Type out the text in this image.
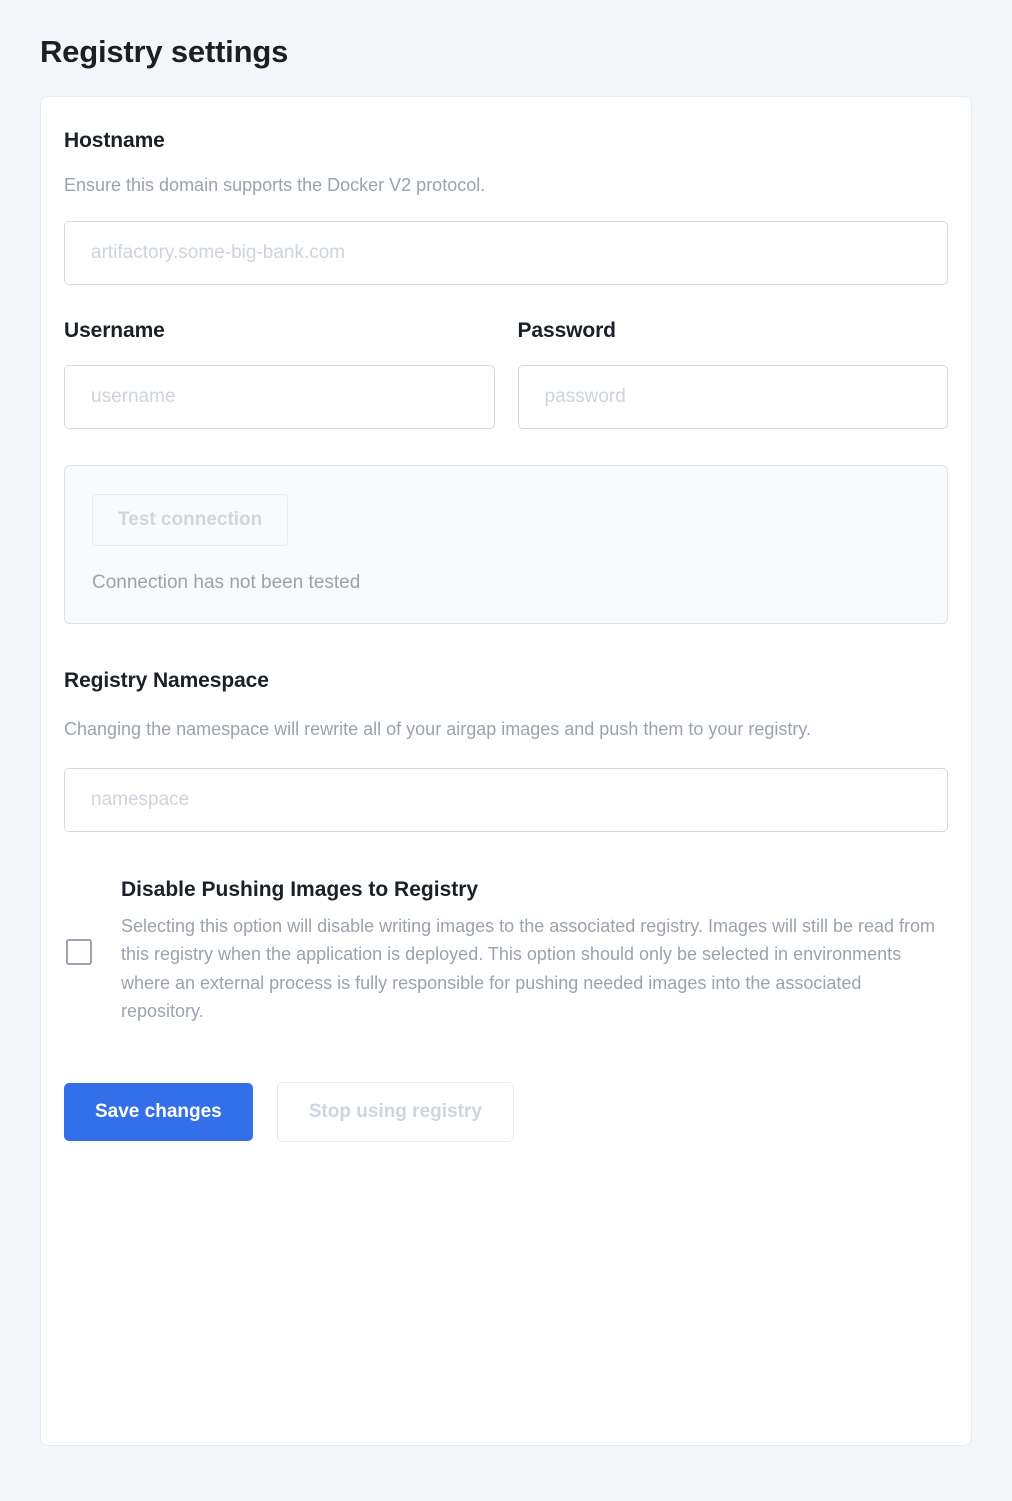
Registry settings
Hostname
Ensure this domain supports the Docker V2 protocol.
artifactory.some-big-bank.com
Username
username	Password
Test connection
Connection has not been tested
Registry Namespace
Changing the namespace will rewrite all of your airgap images and push them to your registry.
namespace
Disable Pushing Images to Registry
Selecting this option will disable writing images to the associated registry. Images will still be read from this registry when the application is deployed. This option should only be selected in environments where an external process is fully responsible for pushing needed images into the associated repository.
Save changes	Stop using registry
